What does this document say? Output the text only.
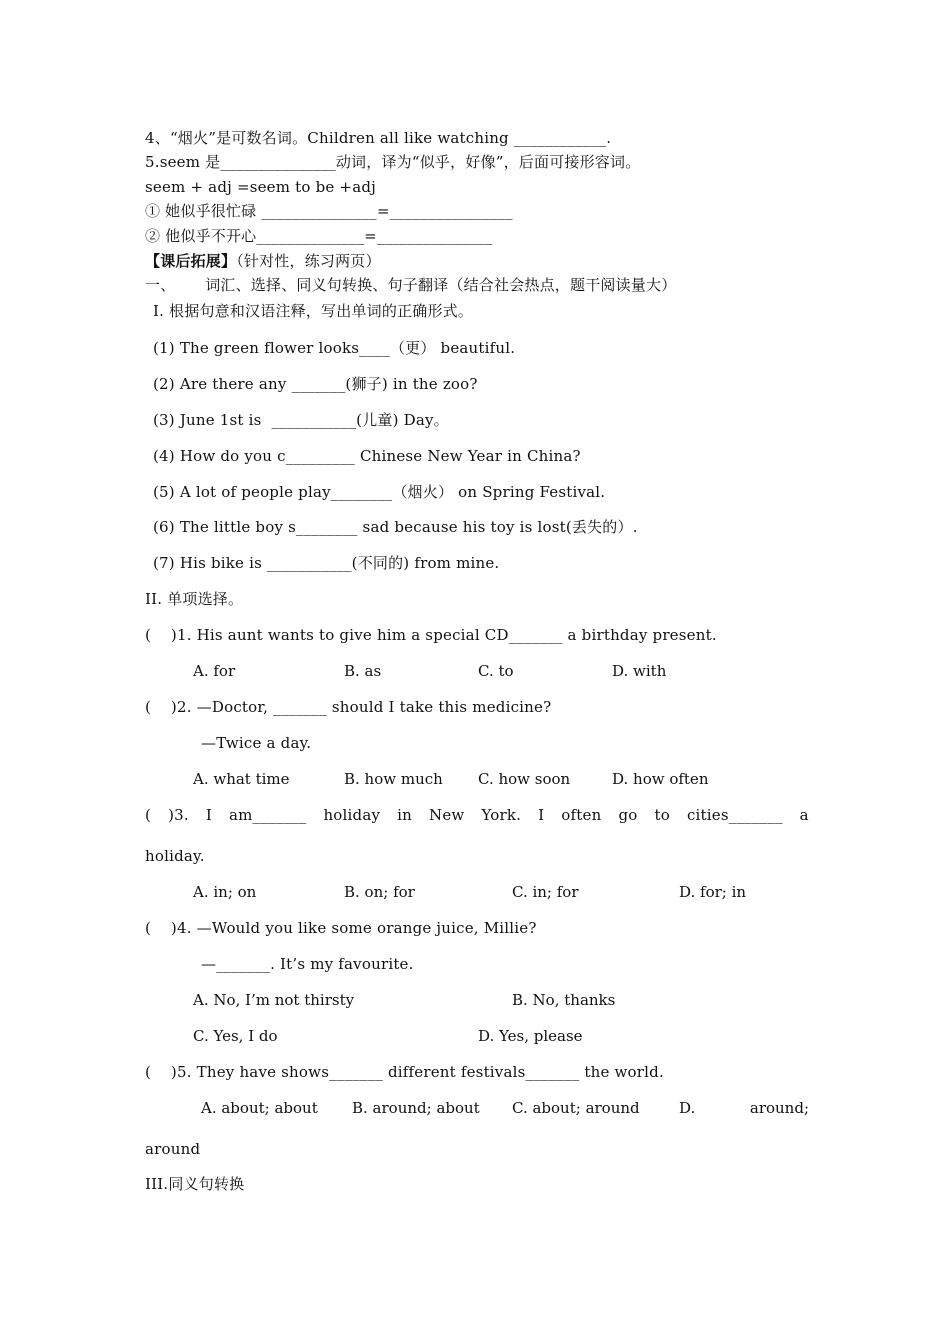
4、“烟火”是可数名词。Children all like watching ____________.
5.seem 是_______________动词，译为“似乎，好像”，后面可接形容词。
seem + adj =seem to be +adj
① 她似乎很忙碌 _______________=________________
② 他似乎不开心______________=_______________
【课后拓展】（针对性，练习两页）
一、      词汇、选择、同义句转换、句子翻译（结合社会热点，题干阅读量大）
I. 根据句意和汉语注释，写出单词的正确形式。
(1) The green flower looks____（更） beautiful.
(2) Are there any _______(狮子) in the zoo?
(3) June 1st is  ___________(儿童) Day。
(4) How do you c_________ Chinese New Year in China?
(5) A lot of people play________（烟火） on Spring Festival.
(6) The little boy s________ sad because his toy is lost(丢失的）.
(7) His bike is ___________(不同的) from mine.
II. 单项选择。
(    )1. His aunt wants to give him a special CD_______ a birthday present.
A. for	B. as	C. to	D. with
(    )2. —Doctor, _______ should I take this medicine?
—Twice a day.
A. what time	B. how much C. how soon	D. how often
( )3. I am_______ holiday in New York. I often go to cities_______ a
holiday.
A. in; on	B. on; for	C. in; for	D. for; in
(    )4. —Would you like some orange juice, Millie?
—_______. It’s my favourite.
A. No, I’m not thirsty	B. No, thanks
C. Yes, I do	D. Yes, please
(    )5. They have shows_______ different festivals_______ the world.
A. about; about B. around; about C. about; around	D.	around;
around
III.同义句转换
